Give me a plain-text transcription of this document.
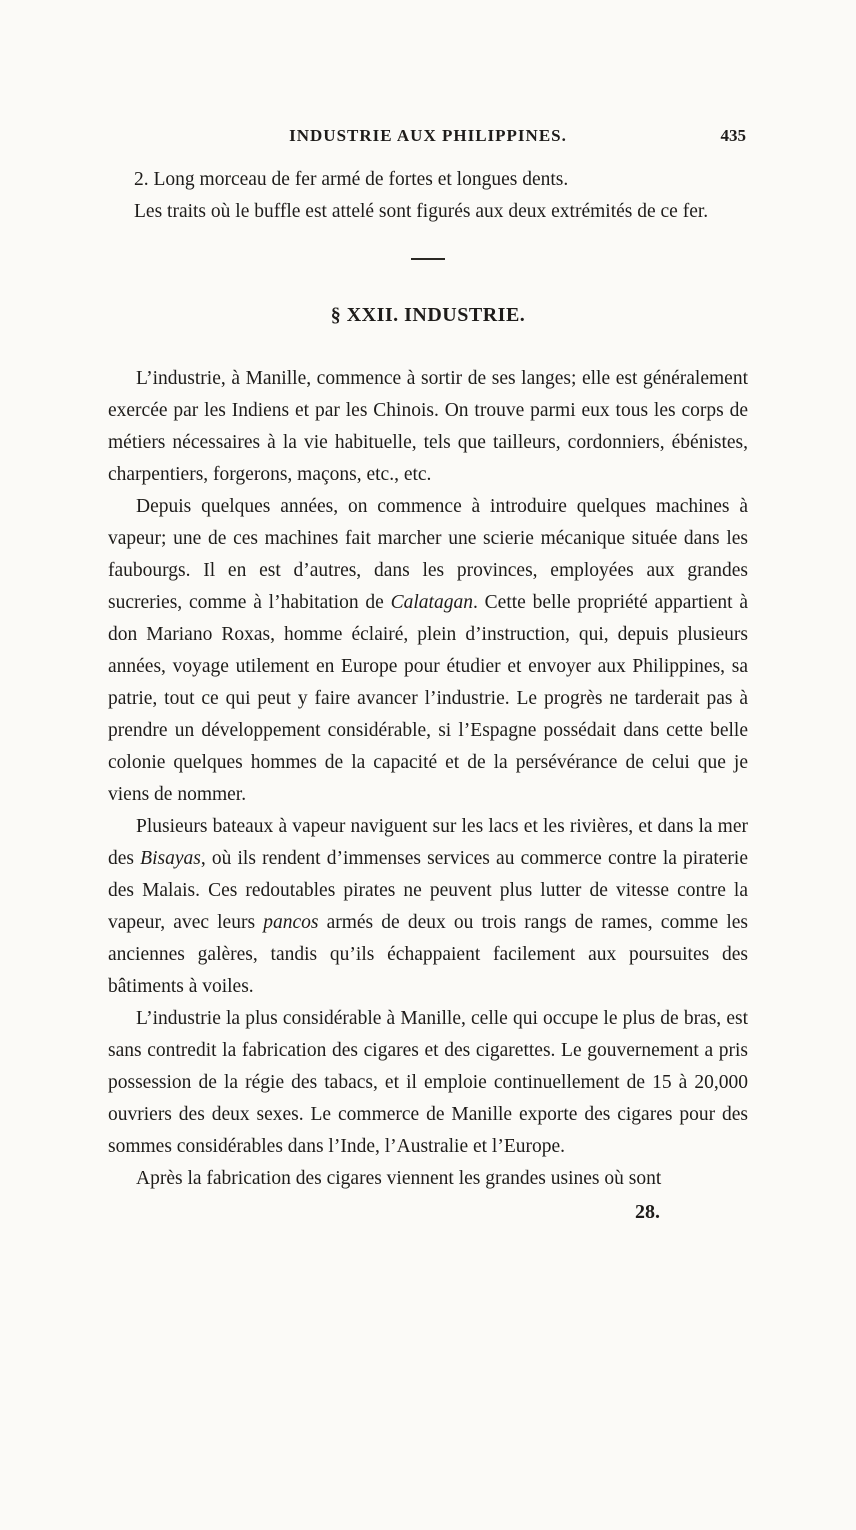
INDUSTRIE AUX PHILIPPINES.	435

2. Long morceau de fer armé de fortes et longues dents.

Les traits où le buffle est attelé sont figurés aux deux extrémités de ce fer.

§ XXII. INDUSTRIE.

L’industrie, à Manille, commence à sortir de ses langes; elle est généralement exercée par les Indiens et par les Chinois. On trouve parmi eux tous les corps de métiers nécessaires à la vie habituelle, tels que tailleurs, cordonniers, ébénistes, charpentiers, forgerons, maçons, etc., etc.

Depuis quelques années, on commence à introduire quelques machines à vapeur; une de ces machines fait marcher une scierie mécanique située dans les faubourgs. Il en est d’autres, dans les provinces, employées aux grandes sucreries, comme à l’habitation de Calatagan. Cette belle propriété appartient à don Mariano Roxas, homme éclairé, plein d’instruction, qui, depuis plusieurs années, voyage utilement en Europe pour étudier et envoyer aux Philippines, sa patrie, tout ce qui peut y faire avancer l’industrie. Le progrès ne tarderait pas à prendre un développement considérable, si l’Espagne possédait dans cette belle colonie quelques hommes de la capacité et de la persévérance de celui que je viens de nommer.

Plusieurs bateaux à vapeur naviguent sur les lacs et les rivières, et dans la mer des Bisayas, où ils rendent d’immenses services au commerce contre la piraterie des Malais. Ces redoutables pirates ne peuvent plus lutter de vitesse contre la vapeur, avec leurs pancos armés de deux ou trois rangs de rames, comme les anciennes galères, tandis qu’ils échappaient facilement aux poursuites des bâtiments à voiles.

L’industrie la plus considérable à Manille, celle qui occupe le plus de bras, est sans contredit la fabrication des cigares et des cigarettes. Le gouvernement a pris possession de la régie des tabacs, et il emploie continuellement de 15 à 20,000 ouvriers des deux sexes. Le commerce de Manille exporte des cigares pour des sommes considérables dans l’Inde, l’Australie et l’Europe.

Après la fabrication des cigares viennent les grandes usines où sont

28.
